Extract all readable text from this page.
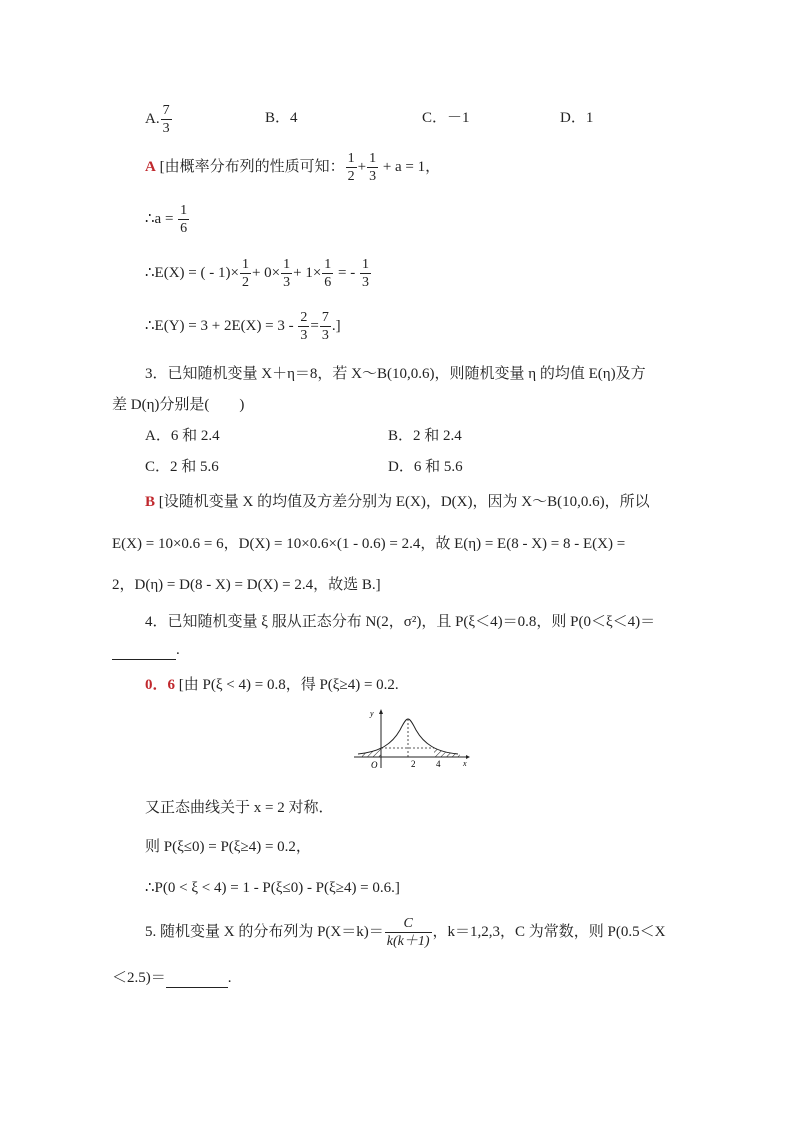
A. $\frac{7}{3}$	B．4	C．－1	D．1
A [由概率分布列的性质可知： $\frac{1}{2} + \frac{1}{3} + a = 1$，
∴a = $\frac{1}{6}$
∴E(X) = ( - $1)\times \frac{1}{2} + 0\times \frac{1}{3} + 1\times \frac{1}{6}$ = - $\frac{1}{3}$
∴E(Y) = $3 + 2E(X) = 3 - \frac{2}{3} = \frac{7}{3}$ .]
3．已知随机变量 X＋η＝8，若 X～B(10,0.6)，则随机变量 η 的均值 E(η)及方
差 D(η)分别是(　　)
A．6 和 2.4	B．2 和 2.4
C．2 和 5.6	D．6 和 5.6
B [设随机变量 X 的均值及方差分别为 E(X)，D(X)，因为 X～B(10,0.6)，所以
E(X) = 10×0.6 = 6，D(X) = 10×0.6×(1 - 0.6) = 2.4，故 E(η) = E(8 - X) = 8 - E(X) =
2，D(η) = D(8 - X) = D(X) = 2.4，故选 B.]
4．已知随机变量 ξ 服从正态分布 N(2，σ²)，且 P(ξ＜4)＝0.8，则 P(0＜ξ＜4)＝
.
0．6 [由 P(ξ < 4) = 0.8，得 P(ξ≥4) = 0.2.
y
x
O	2 4
又正态曲线关于 x = 2 对称．
则 P(ξ≤0) = P(ξ≥4) = 0.2，
∴P(0 < ξ < 4) = 1 - P(ξ≤0) - P(ξ≥4) = 0.6.]
5. 随机变量 X 的分布列为 $P(X=k)= \frac{C}{k(k+1)}$ ，k＝1,2,3，C 为常数，则 P(0.5＜X
＜2.5)＝	.
